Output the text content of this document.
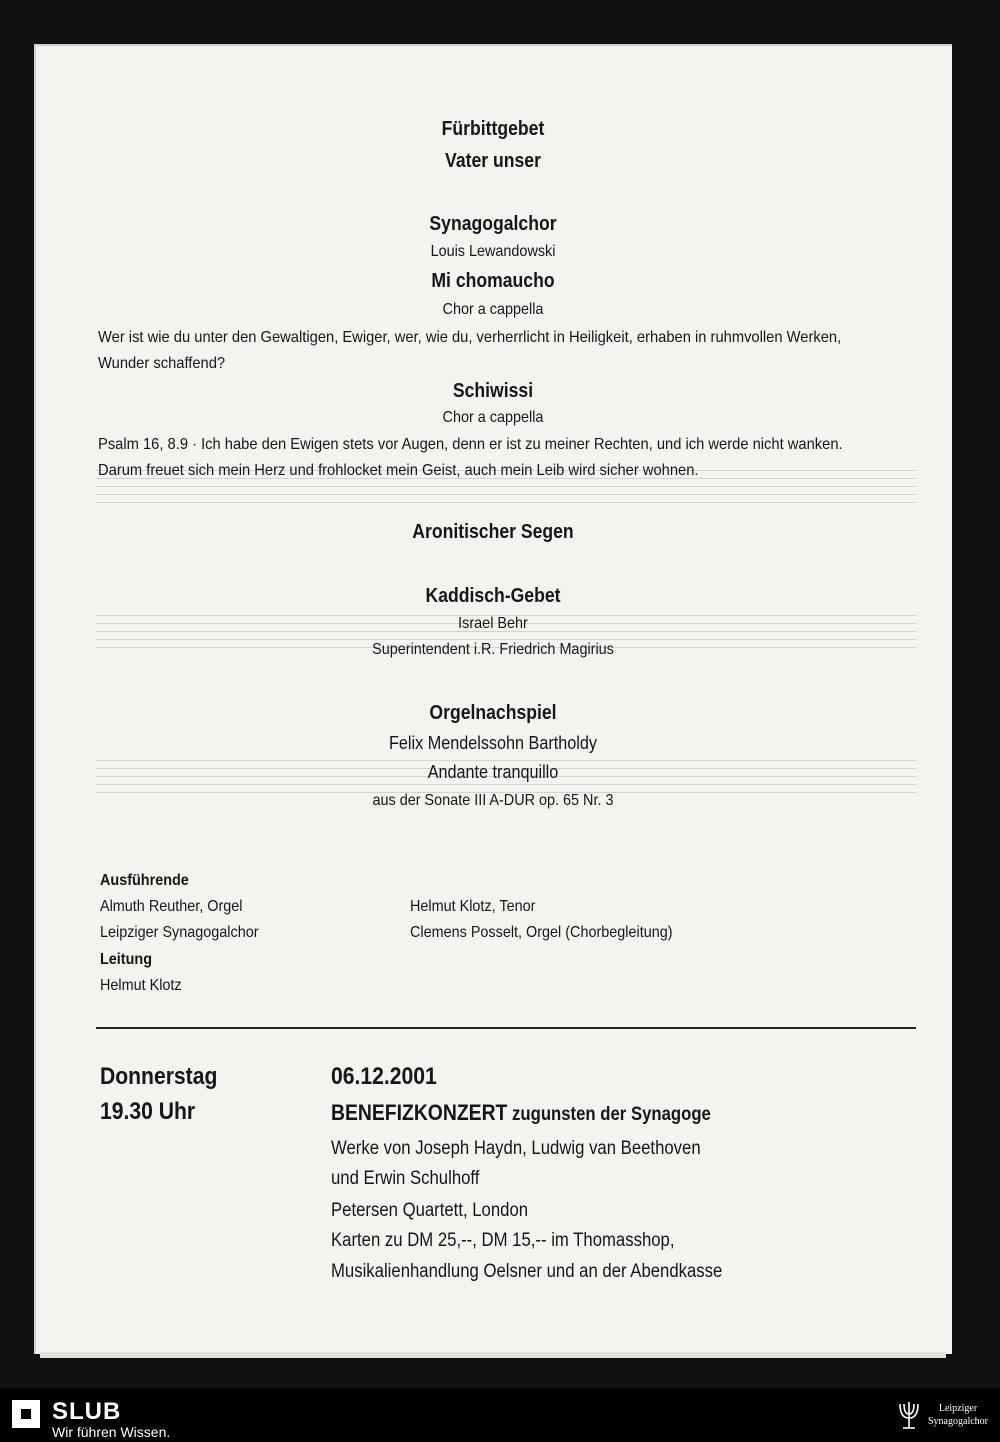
Fürbittgebet
Vater unser
Synagogalchor
Louis Lewandowski
Mi chomaucho
Chor a cappella
Wer ist wie du unter den Gewaltigen, Ewiger, wer, wie du, verherrlicht in Heiligkeit, erhaben in ruhmvollen Werken, Wunder schaffend?
Schiwissi
Chor a cappella
Psalm 16, 8.9 · Ich habe den Ewigen stets vor Augen, denn er ist zu meiner Rechten, und ich werde nicht wanken. Darum freuet sich mein Herz und frohlocket mein Geist, auch mein Leib wird sicher wohnen.
Aronitischer Segen
Kaddisch-Gebet
Israel Behr
Superintendent i.R. Friedrich Magirius
Orgelnachspiel
Felix Mendelssohn Bartholdy
Andante tranquillo
aus der Sonate III A-DUR op. 65 Nr. 3
Ausführende
Almuth Reuther, Orgel
Leipziger Synagogalchor
Helmut Klotz, Tenor
Clemens Posselt, Orgel (Chorbegleitung)
Leitung
Helmut Klotz
Donnerstag
19.30 Uhr
06.12.2001
BENEFIZKONZERT zugunsten der Synagoge
Werke von Joseph Haydn, Ludwig van Beethoven
und Erwin Schulhoff
Petersen Quartett, London
Karten zu DM 25,--, DM 15,-- im Thomasshop,
Musikalienhandlung Oelsner und an der Abendkasse
SLUB
Wir führen Wissen.
Leipziger
Synagogalchor
